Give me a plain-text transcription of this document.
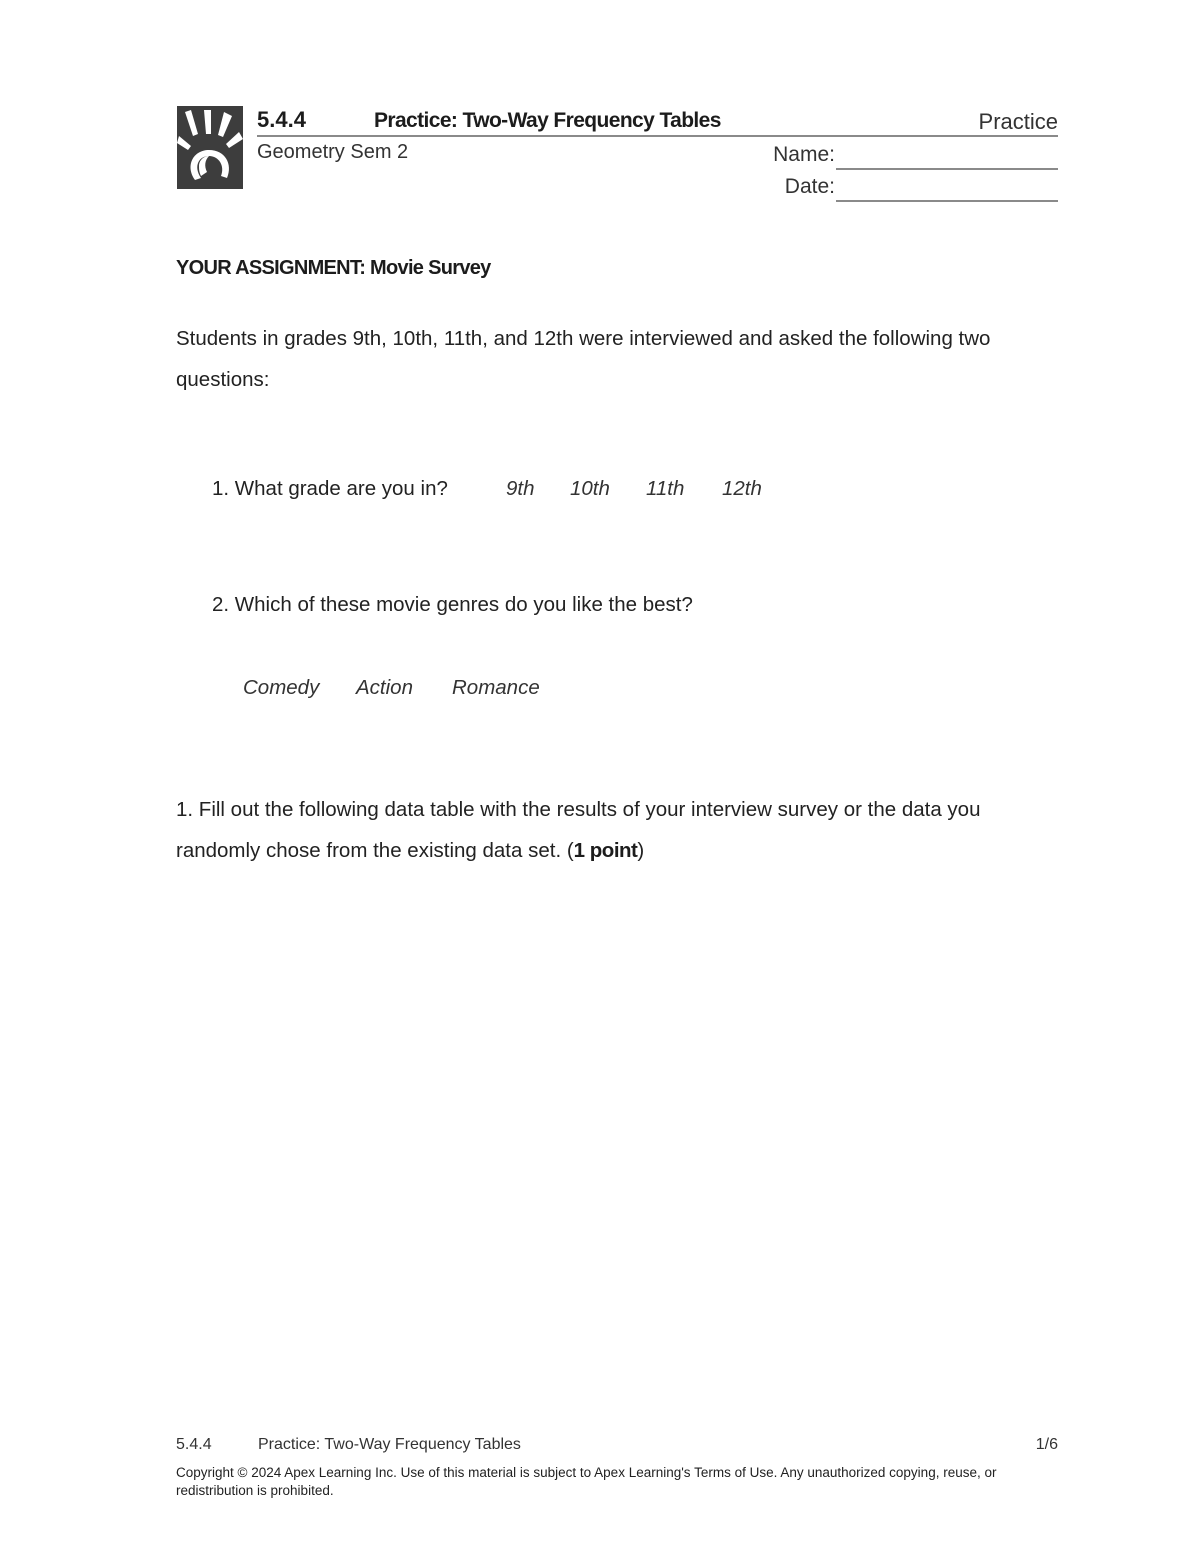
5.4.4	Practice: Two-Way Frequency Tables	Practice
Geometry Sem 2	Name:
Date:
YOUR ASSIGNMENT: Movie Survey
Students in grades 9th, 10th, 11th, and 12th were interviewed and asked the following two questions:
1. What grade are you in?	9th 10th 11th 12th
2. Which of these movie genres do you like the best?
Comedy Action Romance
1. Fill out the following data table with the results of your interview survey or the data you randomly chose from the existing data set. (1 point)
5.4.4	Practice: Two-Way Frequency Tables	1/6
Copyright © 2024 Apex Learning Inc. Use of this material is subject to Apex Learning's Terms of Use. Any unauthorized copying, reuse, or redistribution is prohibited.
